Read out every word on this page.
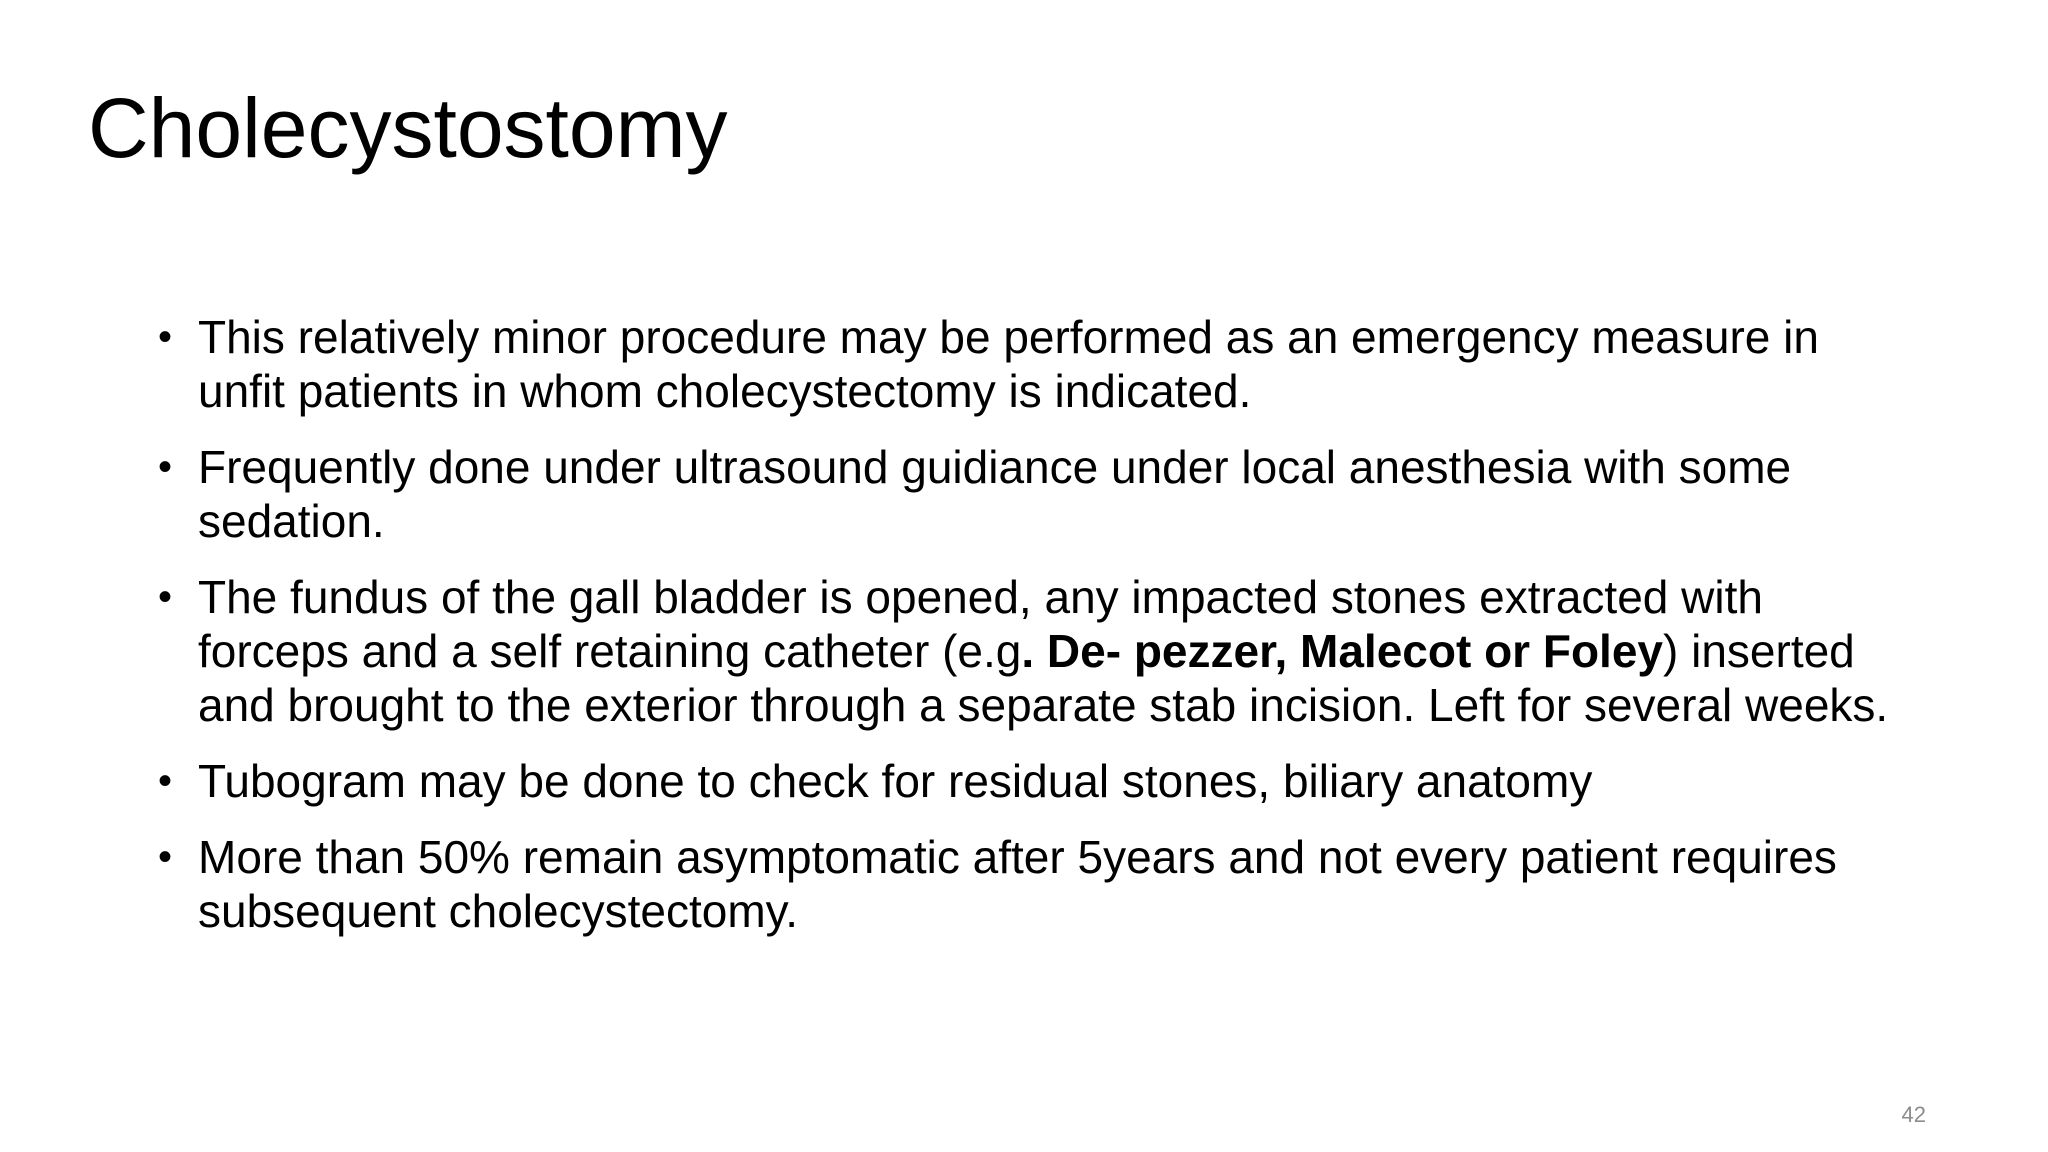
Cholecystostomy
• This relatively minor procedure may be performed as an emergency measure in unfit patients in whom cholecystectomy is indicated.
• Frequently done under ultrasound guidiance under local anesthesia with some sedation.
• The fundus of the gall bladder is opened, any impacted stones extracted with forceps and a self retaining catheter (e.g. De- pezzer, Malecot or Foley) inserted and brought to the exterior through a separate stab incision. Left for several weeks.
• Tubogram may be done to check for residual stones, biliary anatomy
• More than 50% remain asymptomatic after 5years and not every patient requires subsequent cholecystectomy.
42
